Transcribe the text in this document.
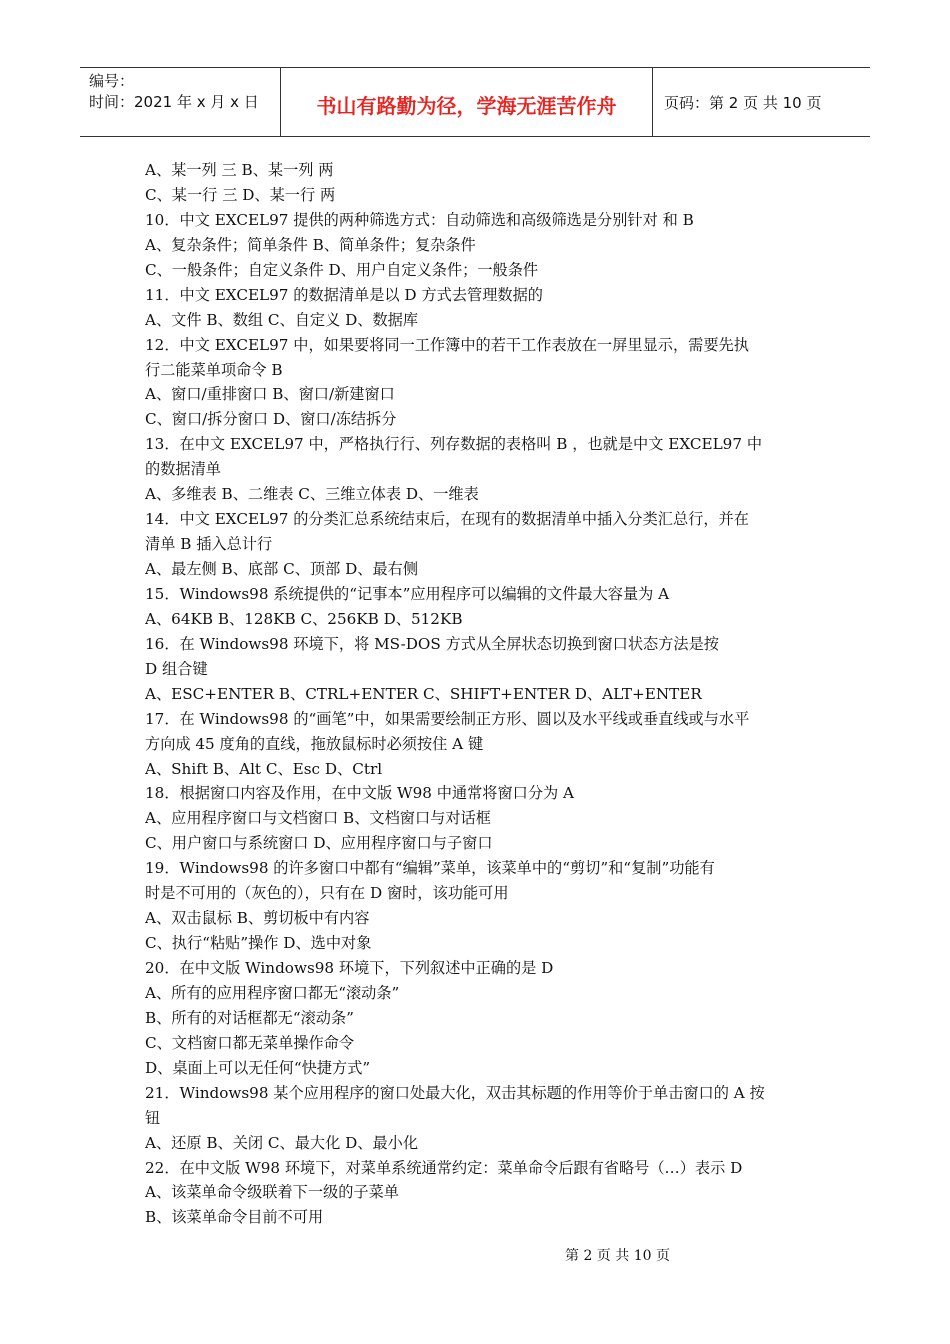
编号：
时间：2021 年 x 月 x 日	书山有路勤为径，学海无涯苦作舟	页码：第 2 页 共 10 页
A、某一列 三 B、某一列 两
C、某一行 三 D、某一行 两
10．中文 EXCEL97 提供的两种筛选方式：自动筛选和高级筛选是分别针对 和 B
A、复杂条件；简单条件 B、简单条件；复杂条件
C、一般条件；自定义条件 D、用户自定义条件；一般条件
11．中文 EXCEL97 的数据清单是以 D 方式去管理数据的
A、文件 B、数组 C、自定义 D、数据库
12．中文 EXCEL97 中，如果要将同一工作簿中的若干工作表放在一屏里显示，需要先执
行二能菜单项命令 B
A、窗口/重排窗口 B、窗口/新建窗口
C、窗口/拆分窗口 D、窗口/冻结拆分
13．在中文 EXCEL97 中，严格执行行、列存数据的表格叫 B ，也就是中文 EXCEL97 中
的数据清单
A、多维表 B、二维表 C、三维立体表 D、一维表
14．中文 EXCEL97 的分类汇总系统结束后，在现有的数据清单中插入分类汇总行，并在
清单 B 插入总计行
A、最左侧 B、底部 C、顶部 D、最右侧
15．Windows98 系统提供的“记事本”应用程序可以编辑的文件最大容量为 A
A、64KB B、128KB C、256KB D、512KB
16．在 Windows98 环境下，将 MS-DOS 方式从全屏状态切换到窗口状态方法是按
D 组合键
A、ESC+ENTER B、CTRL+ENTER C、SHIFT+ENTER D、ALT+ENTER
17．在 Windows98 的“画笔”中，如果需要绘制正方形、圆以及水平线或垂直线或与水平
方向成 45 度角的直线，拖放鼠标时必须按住 A 键
A、Shift B、Alt C、Esc D、Ctrl
18．根据窗口内容及作用，在中文版 W98 中通常将窗口分为 A
A、应用程序窗口与文档窗口 B、文档窗口与对话框
C、用户窗口与系统窗口 D、应用程序窗口与子窗口
19．Windows98 的许多窗口中都有“编辑”菜单，该菜单中的“剪切”和“复制”功能有
时是不可用的（灰色的），只有在 D 窗时，该功能可用
A、双击鼠标 B、剪切板中有内容
C、执行“粘贴”操作 D、选中对象
20．在中文版 Windows98 环境下，下列叙述中正确的是 D
A、所有的应用程序窗口都无“滚动条”
B、所有的对话框都无“滚动条”
C、文档窗口都无菜单操作命令
D、桌面上可以无任何“快捷方式”
21．Windows98 某个应用程序的窗口处最大化，双击其标题的作用等价于单击窗口的 A 按
钮
A、还原 B、关闭 C、最大化 D、最小化
22．在中文版 W98 环境下，对菜单系统通常约定：菜单命令后跟有省略号（…）表示 D
A、该菜单命令级联着下一级的子菜单
B、该菜单命令目前不可用
第 2 页 共 10 页
